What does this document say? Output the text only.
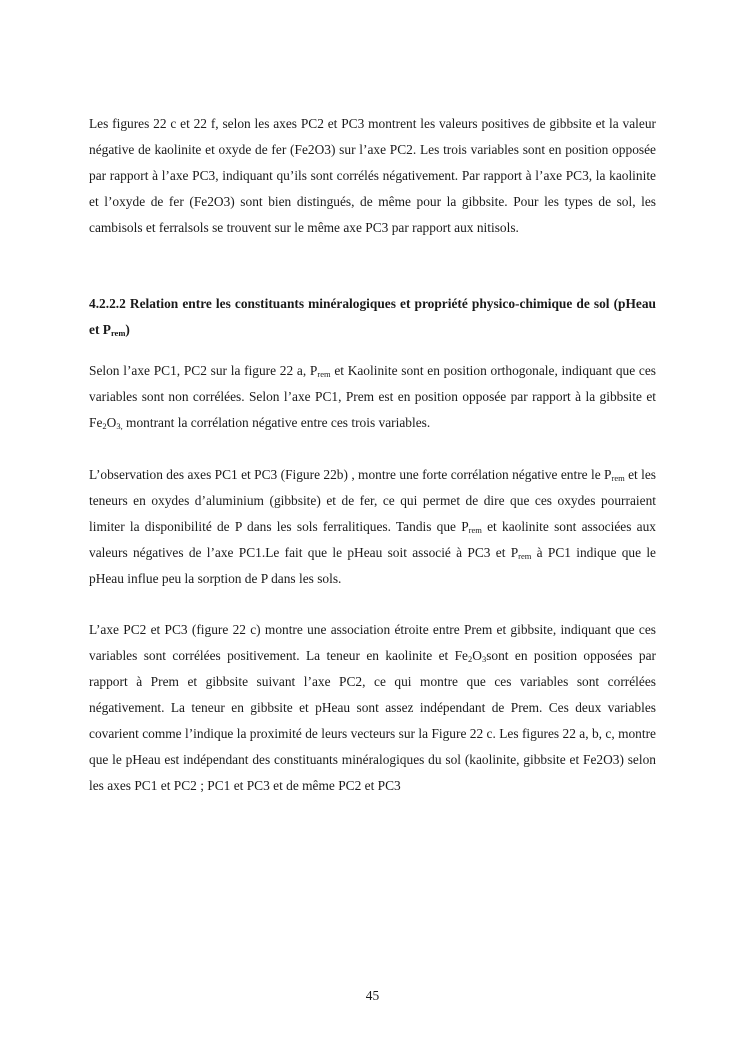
Les figures 22 c et 22 f, selon les axes PC2 et PC3 montrent les valeurs positives de gibbsite et la valeur négative de kaolinite et oxyde de fer (Fe2O3) sur l’axe PC2. Les trois variables sont en position opposée par rapport à l’axe PC3, indiquant qu’ils sont corrélés négativement. Par rapport à l’axe PC3, la kaolinite et l’oxyde de fer (Fe2O3) sont bien distingués, de même pour la gibbsite. Pour les types de sol, les cambisols et ferralsols se trouvent sur le même axe PC3 par rapport aux nitisols.

4.2.2.2 Relation entre les constituants minéralogiques et propriété physico-chimique de sol (pHeau et $P_{rem}$)

Selon l’axe PC1, PC2 sur la figure 22 a, $P_{rem}$ et Kaolinite sont en position orthogonale, indiquant que ces variables sont non corrélées. Selon l’axe PC1, Prem est en position opposée par rapport à la gibbsite et $Fe_2O_{3,}$ montrant la corrélation négative entre ces trois variables.

L’observation des axes PC1 et PC3 (Figure 22b) , montre une forte corrélation négative entre le $P_{rem}$ et les teneurs en oxydes d’aluminium (gibbsite) et de fer, ce qui permet de dire que ces oxydes pourraient limiter la disponibilité de P dans les sols ferralitiques. Tandis que $P_{rem}$ et kaolinite sont associées aux valeurs négatives de l’axe PC1.Le fait que le pHeau soit associé à PC3 et $P_{rem}$ à PC1 indique que le pHeau influe peu la sorption de P dans les sols.

L’axe PC2 et PC3 (figure 22 c) montre une association étroite entre Prem et gibbsite, indiquant que ces variables sont corrélées positivement. La teneur en kaolinite et $Fe_2O_3sont$ en position opposées par rapport à Prem et gibbsite suivant l’axe PC2, ce qui montre que ces variables sont corrélées négativement. La teneur en gibbsite et pHeau sont assez indépendant de Prem. Ces deux variables covarient comme l’indique la proximité de leurs vecteurs sur la Figure 22 c. Les figures 22 a, b, c, montre que le pHeau est indépendant des constituants minéralogiques du sol (kaolinite, gibbsite et Fe2O3) selon les axes PC1 et PC2 ; PC1 et PC3 et de même PC2 et PC3

45
